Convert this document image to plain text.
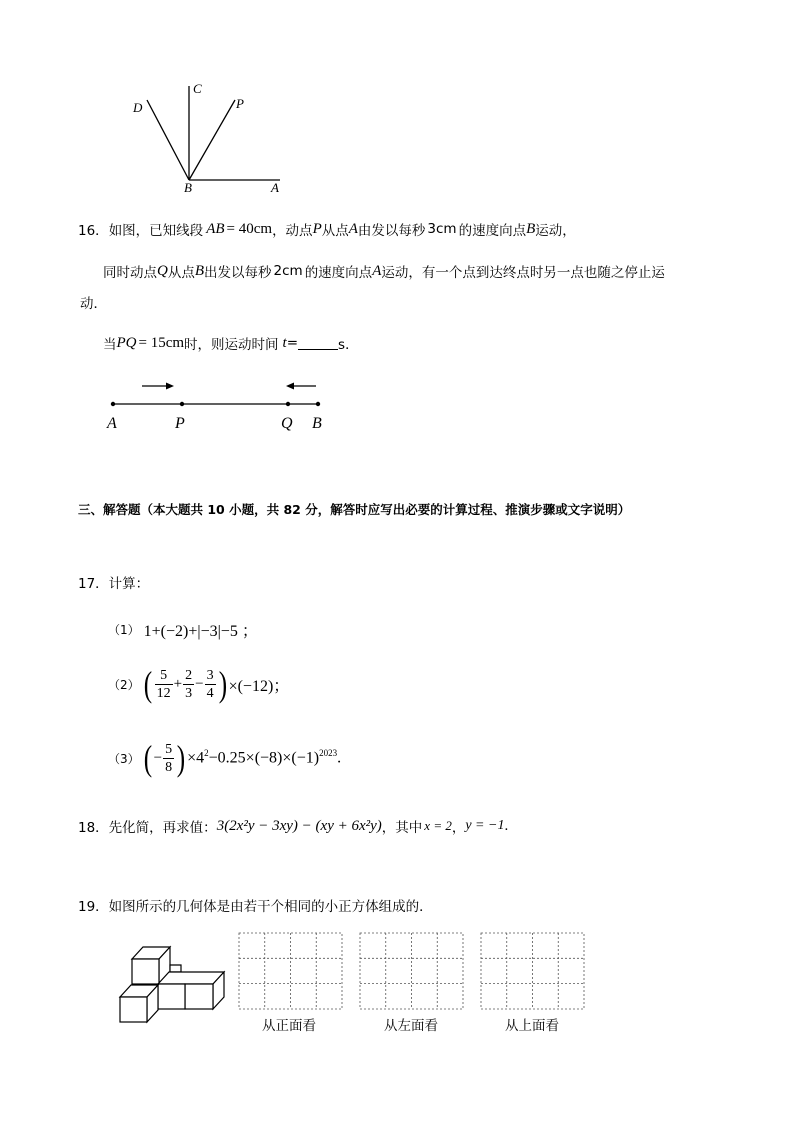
C
D	P
B	A
16． 如图，已知线段 AB = 40cm ，动点 P 从点 A 由发以每秒 3cm 的速度向点 B 运动，
同时动点 Q 从点 B 出发以每秒 2cm 的速度向点 A 运动，有一个点到达终点时另一点也随之停止运
动．
当 PQ = 15cm 时，则运动时间 t =	s．
A	P	Q B
三、解答题（本大题共 10 小题，共 82 分，解答时应写出必要的计算过程、推演步骤或文字说明）
17．计算：
（1） 1+(−2)+|−3|−5 ；
（2） ( $\frac{5}{12} + \frac{2}{3} - \frac{3}{4}$ ) ×(−12)；
（3） ( − $\frac{5}{8}$ ) $\times 4^2-0.25\times(-8)\times(-1)^{2023}$.
18．先化简，再求值： 3(2x²y − 3xy) − (xy + 6x²y) ，其中 x = 2 ， y = −1 .
19．如图所示的几何体是由若干个相同的小正方体组成的．
从正面看	从左面看	从上面看
